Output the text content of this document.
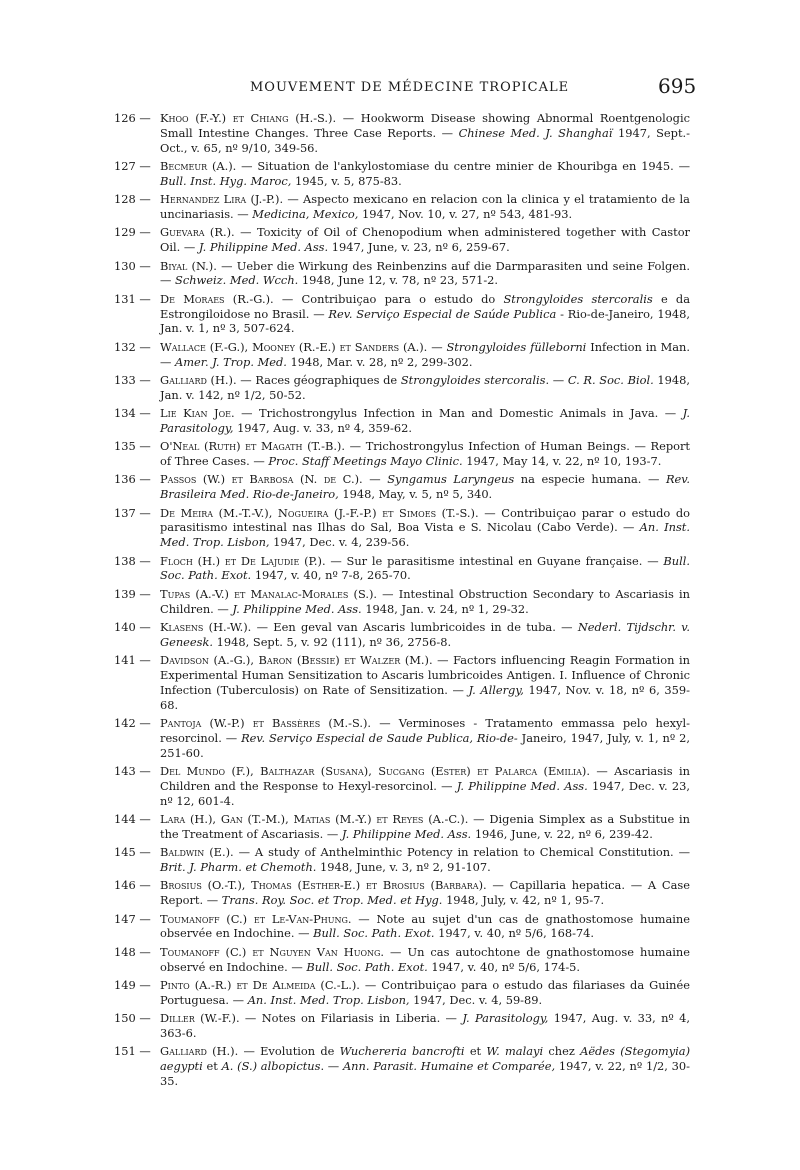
MOUVEMENT DE MÉDECINE TROPICALE	695
126 — Khoo (F.-Y.) et Chiang (H.-S.). — Hookworm Disease showing Abnormal Roentgenologic Small Intestine Changes. Three Case Reports. — Chinese Med. J. Shanghaï 1947, Sept.-Oct., v. 65, nº 9/10, 349-56.
127 — Becmeur (A.). — Situation de l'ankylostomiase du centre minier de Khouribga en 1945. — Bull. Inst. Hyg. Maroc, 1945, v. 5, 875-83.
128 — Hernandez Lira (J.-P.). — Aspecto mexicano en relacion con la clinica y el tratamiento de la uncinariasis. — Medicina, Mexico, 1947, Nov. 10, v. 27, nº 543, 481-93.
129 — Guevara (R.). — Toxicity of Oil of Chenopodium when administered together with Castor Oil. — J. Philippine Med. Ass. 1947, June, v. 23, nº 6, 259-67.
130 — Biyal (N.). — Ueber die Wirkung des Reinbenzins auf die Darmparasiten und seine Folgen. — Schweiz. Med. Wcch. 1948, June 12, v. 78, nº 23, 571-2.
131 — De Moraes (R.-G.). — Contribuiçao para o estudo do Strongyloides stercoralis e da Estrongiloidose no Brasil. — Rev. Serviço Especial de Saúde Publica - Rio-de-Janeiro, 1948, Jan. v. 1, nº 3, 507-624.
132 — Wallace (F.-G.), Mooney (R.-E.) et Sanders (A.). — Strongyloides fülleborni Infection in Man. — Amer. J. Trop. Med. 1948, Mar. v. 28, nº 2, 299-302.
133 — Galliard (H.). — Races géographiques de Strongyloides stercoralis. — C. R. Soc. Biol. 1948, Jan. v. 142, nº 1/2, 50-52.
134 — Lie Kian Joe. — Trichostrongylus Infection in Man and Domestic Animals in Java. — J. Parasitology, 1947, Aug. v. 33, nº 4, 359-62.
135 — O'Neal (Ruth) et Magath (T.-B.). — Trichostrongylus Infection of Human Beings. — Report of Three Cases. — Proc. Staff Meetings Mayo Clinic. 1947, May 14, v. 22, nº 10, 193-7.
136 — Passos (W.) et Barbosa (N. de C.). — Syngamus Laryngeus na especie humana. — Rev. Brasileira Med. Rio-de-Janeiro, 1948, May, v. 5, nº 5, 340.
137 — De Meira (M.-T.-V.), Nogueira (J.-F.-P.) et Simoes (T.-S.). — Contribuiçao parar o estudo do parasitismo intestinal nas Ilhas do Sal, Boa Vista e S. Nicolau (Cabo Verde). — An. Inst. Med. Trop. Lisbon, 1947, Dec. v. 4, 239-56.
138 — Floch (H.) et De Lajudie (P.). — Sur le parasitisme intestinal en Guyane française. — Bull. Soc. Path. Exot. 1947, v. 40, nº 7-8, 265-70.
139 — Tupas (A.-V.) et Manalac-Morales (S.). — Intestinal Obstruction Secondary to Ascariasis in Children. — J. Philippine Med. Ass. 1948, Jan. v. 24, nº 1, 29-32.
140 — Klasens (H.-W.). — Een geval van Ascaris lumbricoides in de tuba. — Nederl. Tijdschr. v. Geneesk. 1948, Sept. 5, v. 92 (111), nº 36, 2756-8.
141 — Davidson (A.-G.), Baron (Bessie) et Walzer (M.). — Factors influencing Reagin Formation in Experimental Human Sensitization to Ascaris lumbricoides Antigen. I. Influence of Chronic Infection (Tuberculosis) on Rate of Sensitization. — J. Allergy, 1947, Nov. v. 18, nº 6, 359-68.
142 — Pantoja (W.-P.) et Bassères (M.-S.). — Verminoses - Tratamento emmassa pelo hexyl-resorcinol. — Rev. Serviço Especial de Saude Publica, Rio-de- Janeiro, 1947, July, v. 1, nº 2, 251-60.
143 — Del Mundo (F.), Balthazar (Susana), Sucgang (Ester) et Palarca (Emilia). — Ascariasis in Children and the Response to Hexyl-resorcinol. — J. Philippine Med. Ass. 1947, Dec. v. 23, nº 12, 601-4.
144 — Lara (H.), Gan (T.-M.), Matias (M.-Y.) et Reyes (A.-C.). — Digenia Simplex as a Substitue in the Treatment of Ascariasis. — J. Philippine Med. Ass. 1946, June, v. 22, nº 6, 239-42.
145 — Baldwin (E.). — A study of Anthelminthic Potency in relation to Chemical Constitution. — Brit. J. Pharm. et Chemoth. 1948, June, v. 3, nº 2, 91-107.
146 — Brosius (O.-T.), Thomas (Esther-E.) et Brosius (Barbara). — Capillaria hepatica. — A Case Report. — Trans. Roy. Soc. et Trop. Med. et Hyg. 1948, July, v. 42, nº 1, 95-7.
147 — Toumanoff (C.) et Le-Van-Phung. — Note au sujet d'un cas de gnathostomose humaine observée en Indochine. — Bull. Soc. Path. Exot. 1947, v. 40, nº 5/6, 168-74.
148 — Toumanoff (C.) et Nguyen Van Huong. — Un cas autochtone de gnathostomose humaine observé en Indochine. — Bull. Soc. Path. Exot. 1947, v. 40, nº 5/6, 174-5.
149 — Pinto (A.-R.) et De Almeida (C.-L.). — Contribuiçao para o estudo das filariases da Guinée Portuguesa. — An. Inst. Med. Trop. Lisbon, 1947, Dec. v. 4, 59-89.
150 — Diller (W.-F.). — Notes on Filariasis in Liberia. — J. Parasitology, 1947, Aug. v. 33, nº 4, 363-6.
151 — Galliard (H.). — Evolution de Wuchereria bancrofti et W. malayi chez Aëdes (Stegomyia) aegypti et A. (S.) albopictus. — Ann. Parasit. Humaine et Comparée, 1947, v. 22, nº 1/2, 30-35.
